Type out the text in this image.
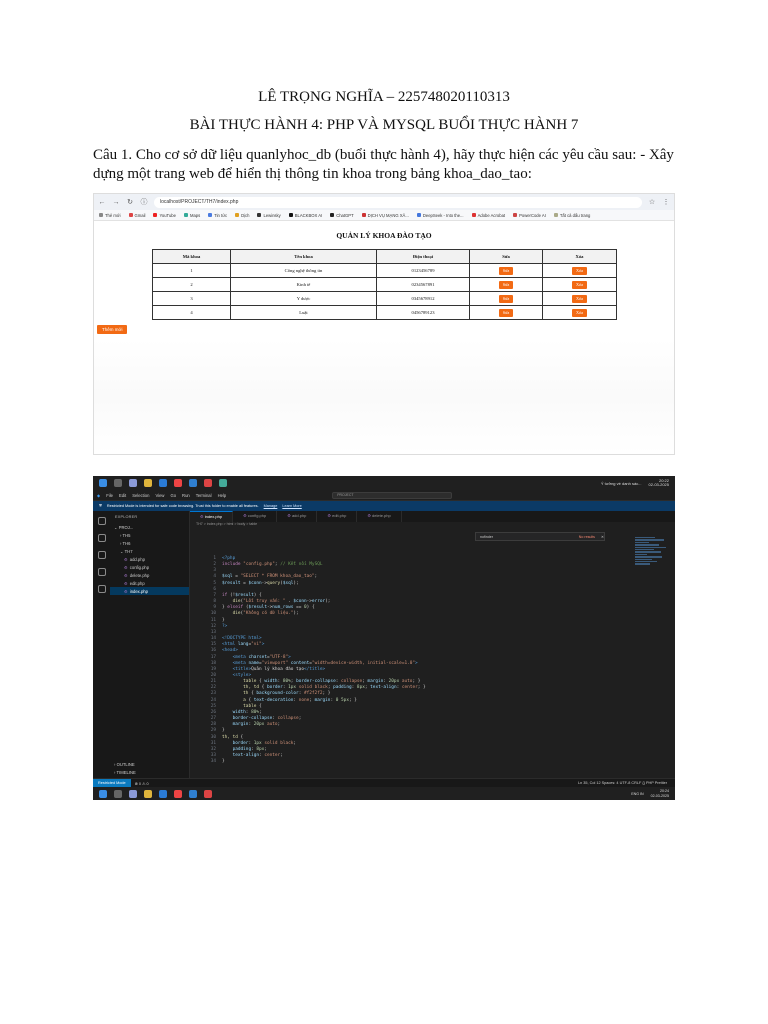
LÊ TRỌNG NGHĨA – 225748020110313
BÀI THỰC HÀNH 4: PHP VÀ MYSQL BUỔI THỰC HÀNH 7
Câu 1. Cho cơ sở dữ liệu quanlyhoc_db (buổi thực hành 4), hãy thực hiện các yêu cầu sau: - Xây dựng một trang web để hiển thị thông tin khoa trong bảng khoa_dao_tao:
← → ↻ ⓘ	localhost/PROJECT/TH7/index.php	☆ ⋮
Thẻ mới	Gmail	YouTube	Maps	Tin tức	Dịch	Lewinsky	BLACKBOX AI	ChatGPT	DỊCH VỤ MẠNG XÃ...	DeepSeek - Into the...	Adobe Acrobat	PowerCode AI	Tất cả dấu trang
QUẢN LÝ KHOA ĐÀO TẠO
Mã khoa	Tên khoa	Điện thoại	Sửa	Xóa
1	Công nghệ thông tin	0123456789	Sửa	Xóa
2	Kinh tế	0234567891	Sửa	Xóa
3	Y dược	0345678912	Sửa	Xóa
4	Luật	0456789123	Sửa	Xóa
Thêm mới
Ý tưởng về danh sác...
20:22
02-03-2025
◆ File Edit Selection View Go Run Terminal Help	PROJECT
⛨ Restricted Mode is intended for safe code browsing. Trust this folder to enable all features. Manage Learn More
EXPLORER
⌄ PROJ...
› TH5
› TH6
⌄ TH7
⚙ add.php
⚙ config.php
⚙ delete.php
⚙ edit.php
⚙ index.php
› OUTLINE
› TIMELINE
⚙ index.php	⚙ config.php	⚙ add.php	⚙ edit.php	⚙ delete.php
TH7 > index.php > html > body > table
nofinder	No results ✕
1 <?php
2 include "config.php"; // Kết nối MySQL
3
4 $sql = "SELECT * FROM khoa_dao_tao";
5 $result = $conn->query($sql);
6
7 if (!$result) {
8	die("Lỗi truy vấn: " . $conn->error);
9 } elseif ($result->num_rows == 0) {
10	die("Không có dữ liệu.");
11 }
12 ?>
13
14 <!DOCTYPE html>
15 <html lang="vi">
16 <head>
17	<meta charset="UTF-8">
18	<meta name="viewport" content="width=device-width, initial-scale=1.0">
19	<title>Quản lý khoa đào tạo</title>
20	<style>
21	table { width: 80%; border-collapse: collapse; margin: 20px auto; }
22	th, td { border: 1px solid black; padding: 8px; text-align: center; }
23	th { background-color: #f2f2f2; }
24	a { text-decoration: none; margin: 0 5px; }
25	table {
26	width: 80%;
27	border-collapse: collapse;
28	margin: 20px auto;
29 }
30 th, td {
31	border: 1px solid black;
32	padding: 8px;
33	text-align: center;
34 }
Restricted Mode	⊗ 0 ⚠ 0	Ln 35, Col 12 Spaces: 4 UTF-8 CRLF {} PHP Prettier
ENG IN
20:24
02-03-2025
